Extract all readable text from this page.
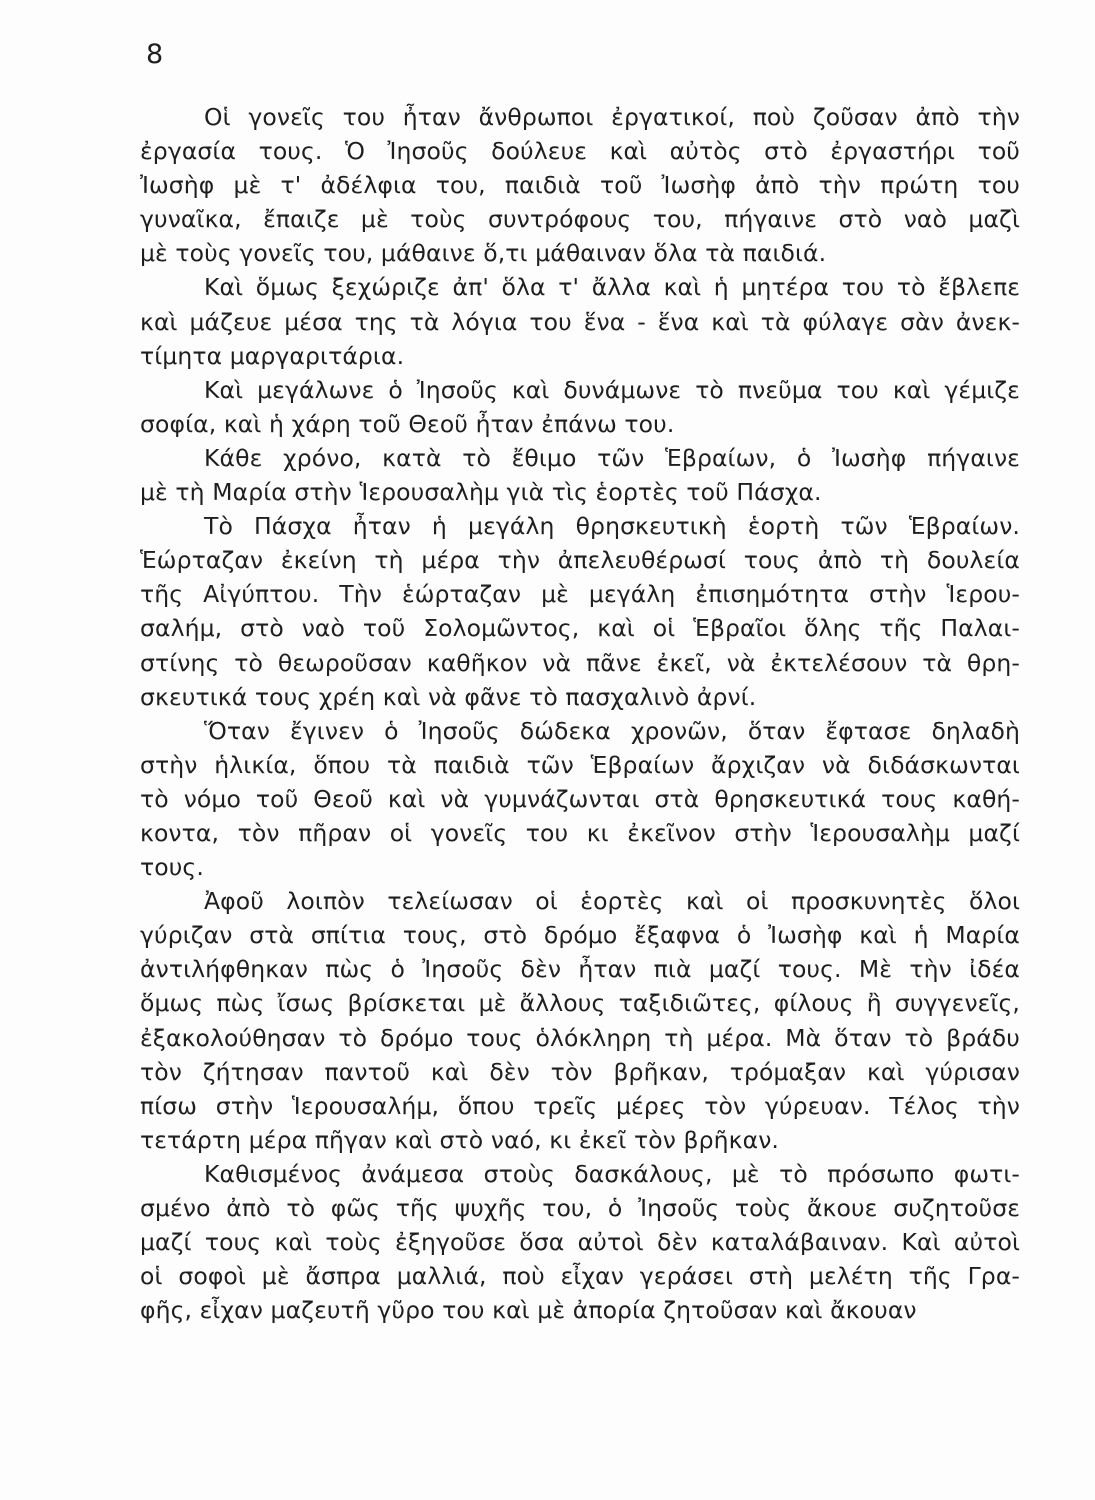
8
Οἱ γονεῖς του ἦταν ἄνθρωποι ἐργατικοί, ποὺ ζοῦσαν ἀπὸ τὴν
ἐργασία τους. Ὁ Ἰησοῦς δούλευε καὶ αὐτὸς στὸ ἐργαστήρι τοῦ
Ἰωσὴφ μὲ τ' ἀδέλφια του, παιδιὰ τοῦ Ἰωσὴφ ἀπὸ τὴν πρώτη του
γυναῖκα, ἔπαιζε μὲ τοὺς συντρόφους του, πήγαινε στὸ ναὸ μαζὶ
μὲ τοὺς γονεῖς του, μάθαινε ὅ,τι μάθαιναν ὅλα τὰ παιδιά.
Καὶ ὅμως ξεχώριζε ἀπ' ὅλα τ' ἄλλα καὶ ἡ μητέρα του τὸ ἔβλεπε
καὶ μάζευε μέσα της τὰ λόγια του ἕνα - ἕνα καὶ τὰ φύλαγε σὰν ἀνεκ-
τίμητα μαργαριτάρια.
Καὶ μεγάλωνε ὁ Ἰησοῦς καὶ δυνάμωνε τὸ πνεῦμα του καὶ γέμιζε
σοφία, καὶ ἡ χάρη τοῦ Θεοῦ ἦταν ἐπάνω του.
Κάθε χρόνο, κατὰ τὸ ἔθιμο τῶν Ἑβραίων, ὁ Ἰωσὴφ πήγαινε
μὲ τὴ Μαρία στὴν Ἱερουσαλὴμ γιὰ τὶς ἑορτὲς τοῦ Πάσχα.
Τὸ Πάσχα ἦταν ἡ μεγάλη θρησκευτικὴ ἑορτὴ τῶν Ἑβραίων.
Ἑώρταζαν ἐκείνη τὴ μέρα τὴν ἀπελευθέρωσί τους ἀπὸ τὴ δουλεία
τῆς Αἰγύπτου. Τὴν ἑώρταζαν μὲ μεγάλη ἐπισημότητα στὴν Ἱερου-
σαλήμ, στὸ ναὸ τοῦ Σολομῶντος, καὶ οἱ Ἑβραῖοι ὅλης τῆς Παλαι-
στίνης τὸ θεωροῦσαν καθῆκον νὰ πᾶνε ἐκεῖ, νὰ ἐκτελέσουν τὰ θρη-
σκευτικά τους χρέη καὶ νὰ φᾶνε τὸ πασχαλινὸ ἀρνί.
Ὅταν ἔγινεν ὁ Ἰησοῦς δώδεκα χρονῶν, ὅταν ἔφτασε δηλαδὴ
στὴν ἡλικία, ὅπου τὰ παιδιὰ τῶν Ἑβραίων ἄρχιζαν νὰ διδάσκωνται
τὸ νόμο τοῦ Θεοῦ καὶ νὰ γυμνάζωνται στὰ θρησκευτικά τους καθή-
κοντα, τὸν πῆραν οἱ γονεῖς του κι ἐκεῖνον στὴν Ἱερουσαλὴμ μαζί
τους.
Ἀφοῦ λοιπὸν τελείωσαν οἱ ἑορτὲς καὶ οἱ προσκυνητὲς ὅλοι
γύριζαν στὰ σπίτια τους, στὸ δρόμο ἔξαφνα ὁ Ἰωσὴφ καὶ ἡ Μαρία
ἀντιλήφθηκαν πὼς ὁ Ἰησοῦς δὲν ἦταν πιὰ μαζί τους. Μὲ τὴν ἰδέα
ὅμως πὼς ἴσως βρίσκεται μὲ ἄλλους ταξιδιῶτες, φίλους ἢ συγγενεῖς,
ἐξακολούθησαν τὸ δρόμο τους ὁλόκληρη τὴ μέρα. Μὰ ὅταν τὸ βράδυ
τὸν ζήτησαν παντοῦ καὶ δὲν τὸν βρῆκαν, τρόμαξαν καὶ γύρισαν
πίσω στὴν Ἱερουσαλήμ, ὅπου τρεῖς μέρες τὸν γύρευαν. Τέλος τὴν
τετάρτη μέρα πῆγαν καὶ στὸ ναό, κι ἐκεῖ τὸν βρῆκαν.
Καθισμένος ἀνάμεσα στοὺς δασκάλους, μὲ τὸ πρόσωπο φωτι-
σμένο ἀπὸ τὸ φῶς τῆς ψυχῆς του, ὁ Ἰησοῦς τοὺς ἄκουε συζητοῦσε
μαζί τους καὶ τοὺς ἐξηγοῦσε ὅσα αὐτοὶ δὲν καταλάβαιναν. Καὶ αὐτοὶ
οἱ σοφοὶ μὲ ἄσπρα μαλλιά, ποὺ εἶχαν γεράσει στὴ μελέτη τῆς Γρα-
φῆς, εἶχαν μαζευτῆ γῦρο του καὶ μὲ ἀπορία ζητοῦσαν καὶ ἄκουαν
